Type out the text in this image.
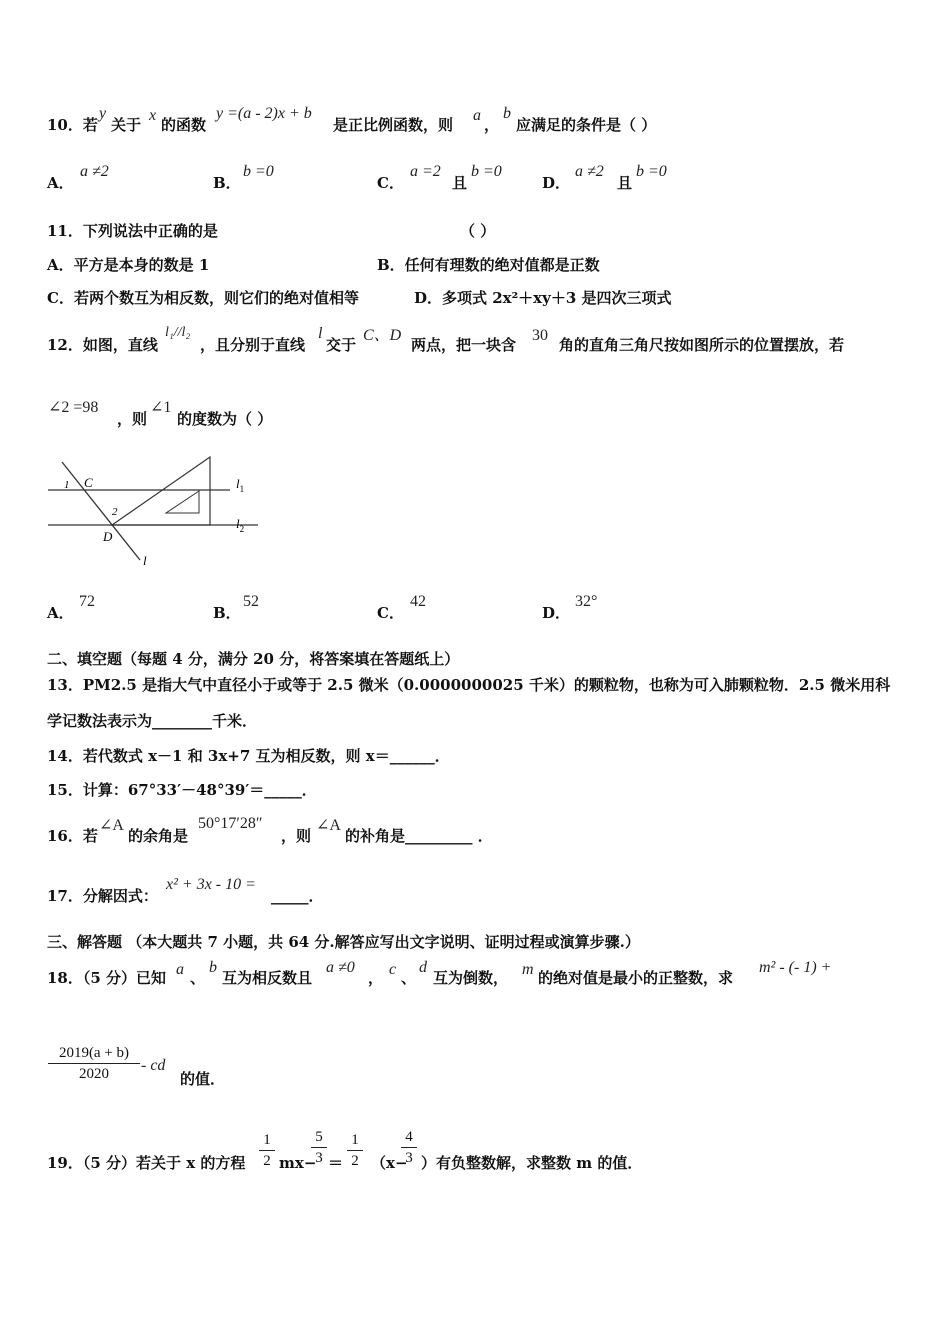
10．若
y
关于
x
的函数
y =(a - 2)x + b
是正比例函数，则
a
，
b
应满足的条件是（ ）
A．
a ≠2
B．
b =0
C．
a =2
且
b =0
D．
a ≠2
且
b =0
11．下列说法中正确的是	（ ）
A．平方是本身的数是 1	B．任何有理数的绝对值都是正数
C．若两个数互为相反数，则它们的绝对值相等	D．多项式 2x²＋xy＋3 是四次三项式
12．如图，直线
l₁//l₂
，且分别于直线
l
交于
C、D
两点，把一块含
30
角的直角三角尺按如图所示的位置摆放，若
∠2 =98
，则
∠1
的度数为（ ）
1 C
2
D
l
$l_1$
$l_2$
A．
72
B．
52
C．
42
D．
32°
二、填空题（每题 4 分，满分 20 分，将答案填在答题纸上）
13．PM2.5 是指大气中直径小于或等于 2.5 微米（0.0000000025 千米）的颗粒物，也称为可入肺颗粒物．2.5 微米用科
学记数法表示为________千米．
14．若代数式 x－1 和 3x+7 互为相反数，则 x＝______．
15．计算：67°33′－48°39′＝_____．
16．若
∠A
的余角是
50°17′28″
，则
∠A
的补角是_________ ．
17．分解因式：
x² + 3x - 10 =
_____．
三、解答题 （本大题共 7 小题，共 64 分.解答应写出文字说明、证明过程或演算步骤.）
18．（5 分）已知 a 、
b
互为相反数且
a ≠0
， c 、
d
互为倒数， m 的绝对值是最小的正整数，求
m² - (- 1) +
2019(a + b)
2020	- cd
的值．
19．（5 分）若关于 x 的方程
1
2 mx−
5
3 ＝
1
2 （x−
4
3 ）有负整数解，求整数 m 的值．
